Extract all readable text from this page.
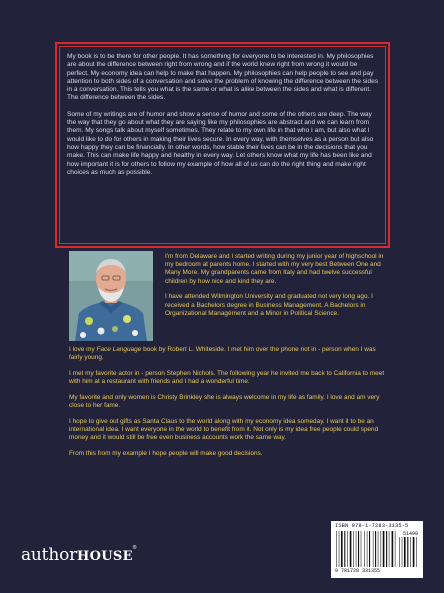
My book is to be there for other people. It has something for everyone to be interested in. My philosophies are about the difference between right from wrong and if the world knew right from wrong it would be perfect. My economy idea can help to make that happen. My philosophies can help people to see and pay attention to both sides of a conversation and solve the problem of knowing the difference between the sides in a conversation. This tells you what is the same or what is alike between the sides and what is different. The difference between the sides.

Some of my writings are of humor and show a sense of humor and some of the others are deep. The way the way that they go about what they are saying like my philosophies are abstract and we can learn from them. My songs talk about myself sometimes. They relate to my own life in that who I am, but also what I would like to do for others in making their lives secure. In every way, with themselves as a person but also how happy they can be financially. In other words, how stable their lives can be in the decisions that you make. This can make life happy and healthy in every way. Let others know what my life has been like and how important it is for others to follow my example of how all of us can do the right thing and make right choices as much as possible.

I'm from Delaware and I started writing during my junior year of highschool in my bedroom at parents home. I started with my very best Between One and Many More. My grandparents came from Italy and had twelve successful children by how nice and kind they are.

I have attended Wilmington University and graduated not very long ago. I received a Bachelors degree in Business Management. A Bachelors in Organizational Managément and a Minor in Political Science.

I love my Face Language book by Robert L. Whiteside. I met him over the phone not in - person when I was fairly young.

I met my favorite actor in - person Stephen Nichols. The following year he invited me back to California to meet with him at a restaurant with friends and I had a wonderful time.

My favorite and only women is Christy Brinkley she is always welcome in my life as family. I love and am very close to her fame.

I hope to give out gifts as Santa Claus to the world along with my economy idea someday. I want it to be an international idea. I want everyone in the world to benefit from it. Not only is my idea free people could spend money and it would still be free even business accounts work the same way.

From this from my example I hope people will make good decisions.

authorHOUSE®
ISBN 978-1-7283-3135-5
51499
9 781728 331355
